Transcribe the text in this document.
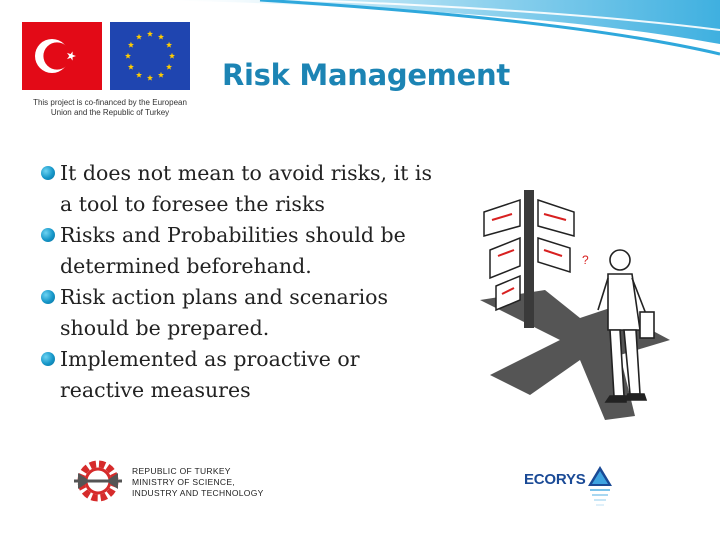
This project is co-financed by the European
Union and the Republic of Turkey
Risk Management
It does not mean to avoid risks, it is
a tool to foresee the risks
Risks and Probabilities should be
determined beforehand.
Risk action plans and scenarios
should be prepared.
Implemented as proactive or
reactive measures
?
REPUBLIC OF TURKEY
MINISTRY OF SCIENCE,
INDUSTRY AND TECHNOLOGY
ECORYS
